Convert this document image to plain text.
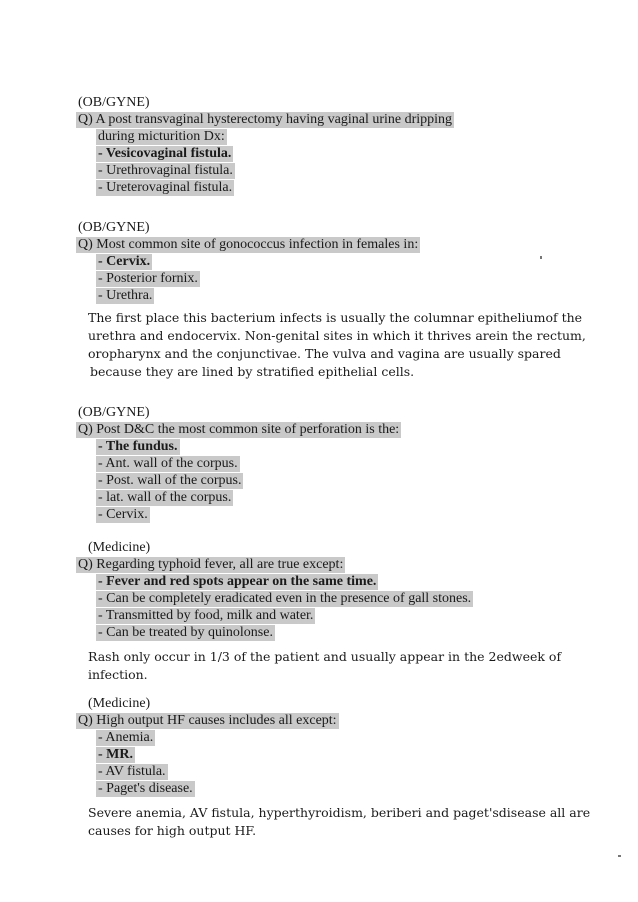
(OB/GYNE)
Q) A post transvaginal hysterectomy having vaginal urine dripping
during micturition Dx:
- Vesicovaginal fistula.
- Urethrovaginal fistula.
- Ureterovaginal fistula.
(OB/GYNE)
Q) Most common site of gonococcus infection in females in:
- Cervix.
- Posterior fornix.
- Urethra.
The first place this bacterium infects is usually the columnar epitheliumof the
urethra and endocervix. Non-genital sites in which it thrives arein the rectum,
oropharynx and the conjunctivae. The vulva and vagina are usually spared
because they are lined by stratified epithelial cells.
(OB/GYNE)
Q) Post D&C the most common site of perforation is the:
- The fundus.
- Ant. wall of the corpus.
- Post. wall of the corpus.
- lat. wall of the corpus.
- Cervix.
(Medicine)
Q) Regarding typhoid fever, all are true except:
- Fever and red spots appear on the same time.
- Can be completely eradicated even in the presence of gall stones.
- Transmitted by food, milk and water.
- Can be treated by quinolonse.
Rash only occur in 1/3 of the patient and usually appear in the 2edweek of
infection.
(Medicine)
Q) High output HF causes includes all except:
- Anemia.
- MR.
- AV fistula.
- Paget's disease.
Severe anemia, AV fistula, hyperthyroidism, beriberi and paget'sdisease all are
causes for high output HF.
